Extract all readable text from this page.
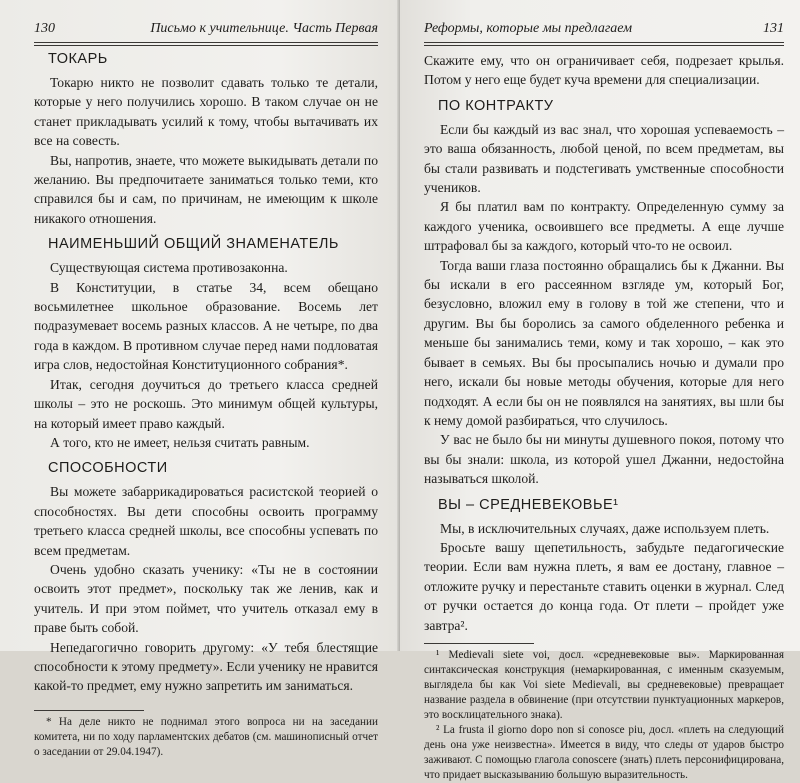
130	Письмо к учительнице. Часть Первая
ТОКАРЬ

Токарю никто не позволит сдавать только те детали, которые у него получились хорошо. В таком случае он не станет прикладывать усилий к тому, чтобы вытачивать их все на совесть.

Вы, напротив, знаете, что можете выкидывать детали по желанию. Вы предпочитаете заниматься только теми, кто справился бы и сам, по причинам, не имеющим к школе никакого отношения.

НАИМЕНЬШИЙ ОБЩИЙ ЗНАМЕНАТЕЛЬ

Существующая система противозаконна.

В Конституции, в статье 34, всем обещано восьмилетнее школьное образование. Восемь лет подразумевает восемь разных классов. А не четыре, по два года в каждом. В противном случае перед нами подловатая игра слов, недостойная Конституционного собрания*.

Итак, сегодня доучиться до третьего класса средней школы – это не роскошь. Это минимум общей культуры, на который имеет право каждый.

А того, кто не имеет, нельзя считать равным.

СПОСОБНОСТИ

Вы можете забаррикадироваться расистской теорией о способностях. Вы дети способны освоить программу третьего класса средней школы, все способны успевать по всем предметам.

Очень удобно сказать ученику: «Ты не в состоянии освоить этот предмет», поскольку так же ленив, как и учитель. И при этом поймет, что учитель отказал ему в праве быть собой.

Непедагогично говорить другому: «У тебя блестящие способности к этому предмету». Если ученику не нравится какой-то предмет, ему нужно запретить им заниматься.

* На деле никто не поднимал этого вопроса ни на заседании комитета, ни по ходу парламентских дебатов (см. машинописный отчет о заседании от 29.04.1947).

Реформы, которые мы предлагаем	131

Скажите ему, что он ограничивает себя, подрезает крылья. Потом у него еще будет куча времени для специализации.

ПО КОНТРАКТУ

Если бы каждый из вас знал, что хорошая успеваемость – это ваша обязанность, любой ценой, по всем предметам, вы бы стали развивать и подстегивать умственные способности учеников.

Я бы платил вам по контракту. Определенную сумму за каждого ученика, освоившего все предметы. А еще лучше штрафовал бы за каждого, который что-то не освоил.

Тогда ваши глаза постоянно обращались бы к Джанни. Вы бы искали в его рассеянном взгляде ум, который Бог, безусловно, вложил ему в голову в той же степени, что и другим. Вы бы боролись за самого обделенного ребенка и меньше бы занимались теми, кому и так хорошо, – как это бывает в семьях. Вы бы просыпались ночью и думали про него, искали бы новые методы обучения, которые для него подходят. А если бы он не появлялся на занятиях, вы шли бы к нему домой разбираться, что случилось.

У вас не было бы ни минуты душевного покоя, потому что вы бы знали: школа, из которой ушел Джанни, недостойна называться школой.

ВЫ – СРЕДНЕВЕКОВЬЕ¹

Мы, в исключительных случаях, даже используем плеть.

Бросьте вашу щепетильность, забудьте педагогические теории. Если вам нужна плеть, я вам ее достану, главное – отложите ручку и перестаньте ставить оценки в журнал. След от ручки остается до конца года. От плети – пройдет уже завтра².

¹ Medievali siete voi, досл. «средневековые вы». Маркированная синтаксическая конструкция (немаркированная, с именным сказуемым, выглядела бы как Voi siete Medievali, вы средневековые) превращает название раздела в обвинение (при отсутствии пунктуационных маркеров, это восклицательного знака).

² La frusta il giorno dopo non si conosce piu, досл. «плеть на следующий день она уже неизвестна». Имеется в виду, что следы от ударов быстро заживают. С помощью глагола conoscere (знать) плеть персонифицирована, что придает высказыванию большую выразительность.
